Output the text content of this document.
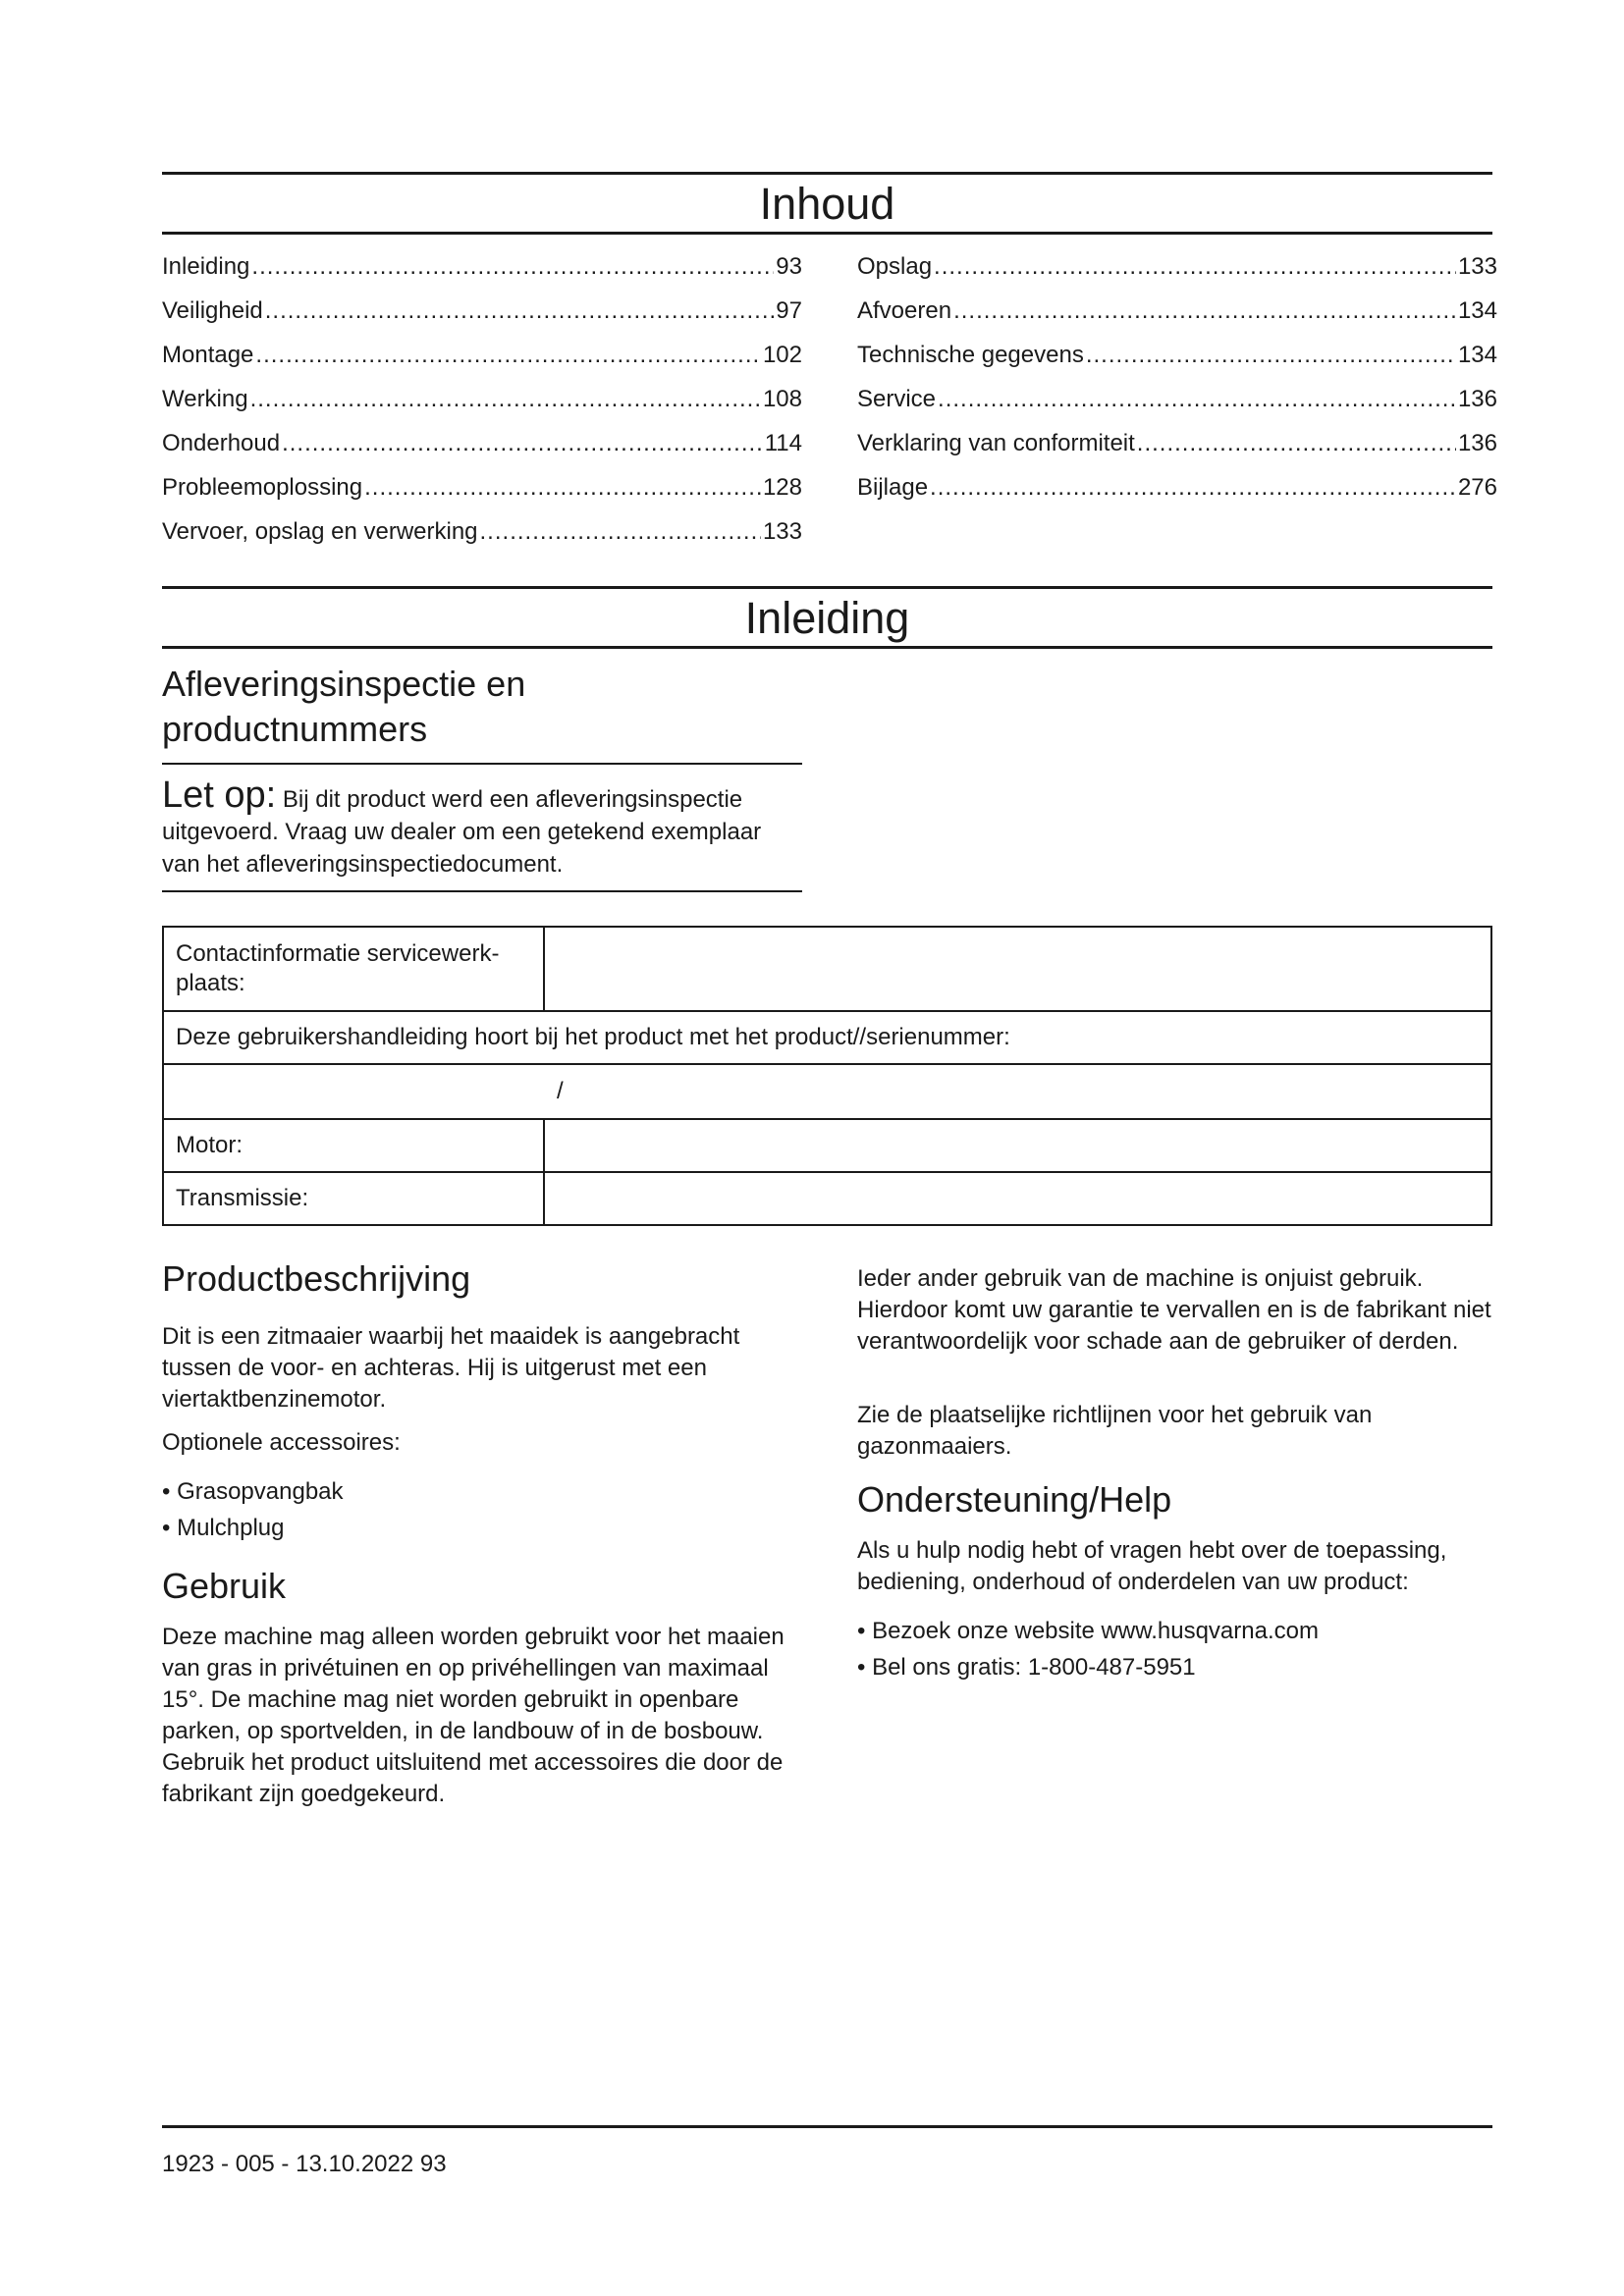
Inhoud
Inleiding .....	93
Veiligheid .....	97
Montage .....	102
Werking .....	108
Onderhoud .....	114
Probleemoplossing .....	128
Vervoer, opslag en verwerking .....	133
Opslag .....	133
Afvoeren .....	134
Technische gegevens .....	134
Service .....	136
Verklaring van conformiteit .....	136
Bijlage .....	276
Inleiding
Afleveringsinspectie en
productnummers
Let op: Bij dit product werd een afleveringsinspectie uitgevoerd. Vraag uw dealer om een getekend exemplaar van het afleveringsinspectiedocument.
Contactinformatie servicewerk-plaats:	
Deze gebruikershandleiding hoort bij het product met het product//serienummer:	
/	
Motor:	
Transmissie:	
Productbeschrijving
Dit is een zitmaaier waarbij het maaidek is aangebracht tussen de voor- en achteras. Hij is uitgerust met een viertaktbenzinemotor.
Optionele accessoires:
• Grasopvangbak
• Mulchplug
Gebruik
Deze machine mag alleen worden gebruikt voor het maaien van gras in privétuinen en op privéhellingen van maximaal 15°. De machine mag niet worden gebruikt in openbare parken, op sportvelden, in de landbouw of in de bosbouw. Gebruik het product uitsluitend met accessoires die door de fabrikant zijn goedgekeurd.
Ieder ander gebruik van de machine is onjuist gebruik. Hierdoor komt uw garantie te vervallen en is de fabrikant niet verantwoordelijk voor schade aan de gebruiker of derden.
Zie de plaatselijke richtlijnen voor het gebruik van gazonmaaiers.
Ondersteuning/Help
Als u hulp nodig hebt of vragen hebt over de toepassing, bediening, onderhoud of onderdelen van uw product:
• Bezoek onze website www.husqvarna.com
• Bel ons gratis: 1-800-487-5951
1923 - 005 - 13.10.2022 93
